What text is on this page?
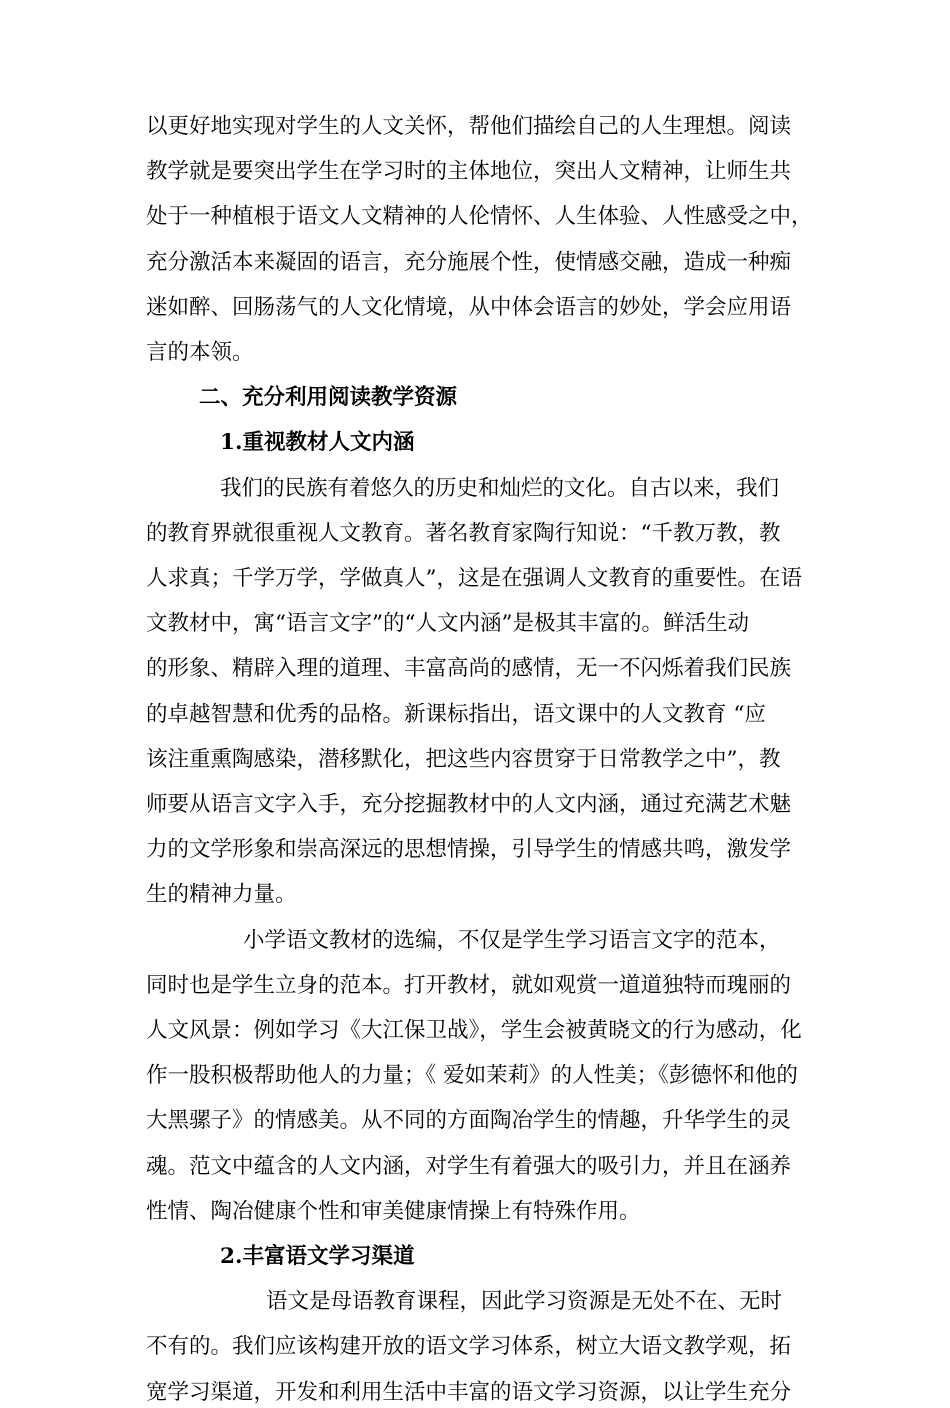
以更好地实现对学生的人文关怀，帮他们描绘自己的人生理想。阅读

教学就是要突出学生在学习时的主体地位，突出人文精神，让师生共

处于一种植根于语文人文精神的人伦情怀、人生体验、人性感受之中，

充分激活本来凝固的语言，充分施展个性，使情感交融，造成一种痴

迷如醉、回肠荡气的人文化情境，从中体会语言的妙处，学会应用语

言的本领。

二、充分利用阅读教学资源

1.重视教材人文内涵

我们的民族有着悠久的历史和灿烂的文化。自古以来，我们

的教育界就很重视人文教育。著名教育家陶行知说：“千教万教，教

人求真；千学万学，学做真人”，这是在强调人文教育的重要性。在语

文教材中，寓“语言文字”的“人文内涵”是极其丰富的。鲜活生动

的形象、精辟入理的道理、丰富高尚的感情，无一不闪烁着我们民族

的卓越智慧和优秀的品格。新课标指出，语文课中的人文教育 “应

该注重熏陶感染，潜移默化，把这些内容贯穿于日常教学之中”，教

师要从语言文字入手，充分挖掘教材中的人文内涵，通过充满艺术魅

力的文学形象和崇高深远的思想情操，引导学生的情感共鸣，激发学

生的精神力量。

小学语文教材的选编，不仅是学生学习语言文字的范本，

同时也是学生立身的范本。打开教材，就如观赏一道道独特而瑰丽的

人文风景：例如学习《大江保卫战》，学生会被黄晓文的行为感动，化

作一股积极帮助他人的力量；《 爱如茉莉》的人性美；《彭德怀和他的

大黑骡子》的情感美。从不同的方面陶冶学生的情趣，升华学生的灵

魂。范文中蕴含的人文内涵，对学生有着强大的吸引力，并且在涵养

性情、陶冶健康个性和审美健康情操上有特殊作用。

2.丰富语文学习渠道

语文是母语教育课程，因此学习资源是无处不在、无时

不有的。我们应该构建开放的语文学习体系，树立大语文教学观，拓

宽学习渠道，开发和利用生活中丰富的语文学习资源，以让学生充分
